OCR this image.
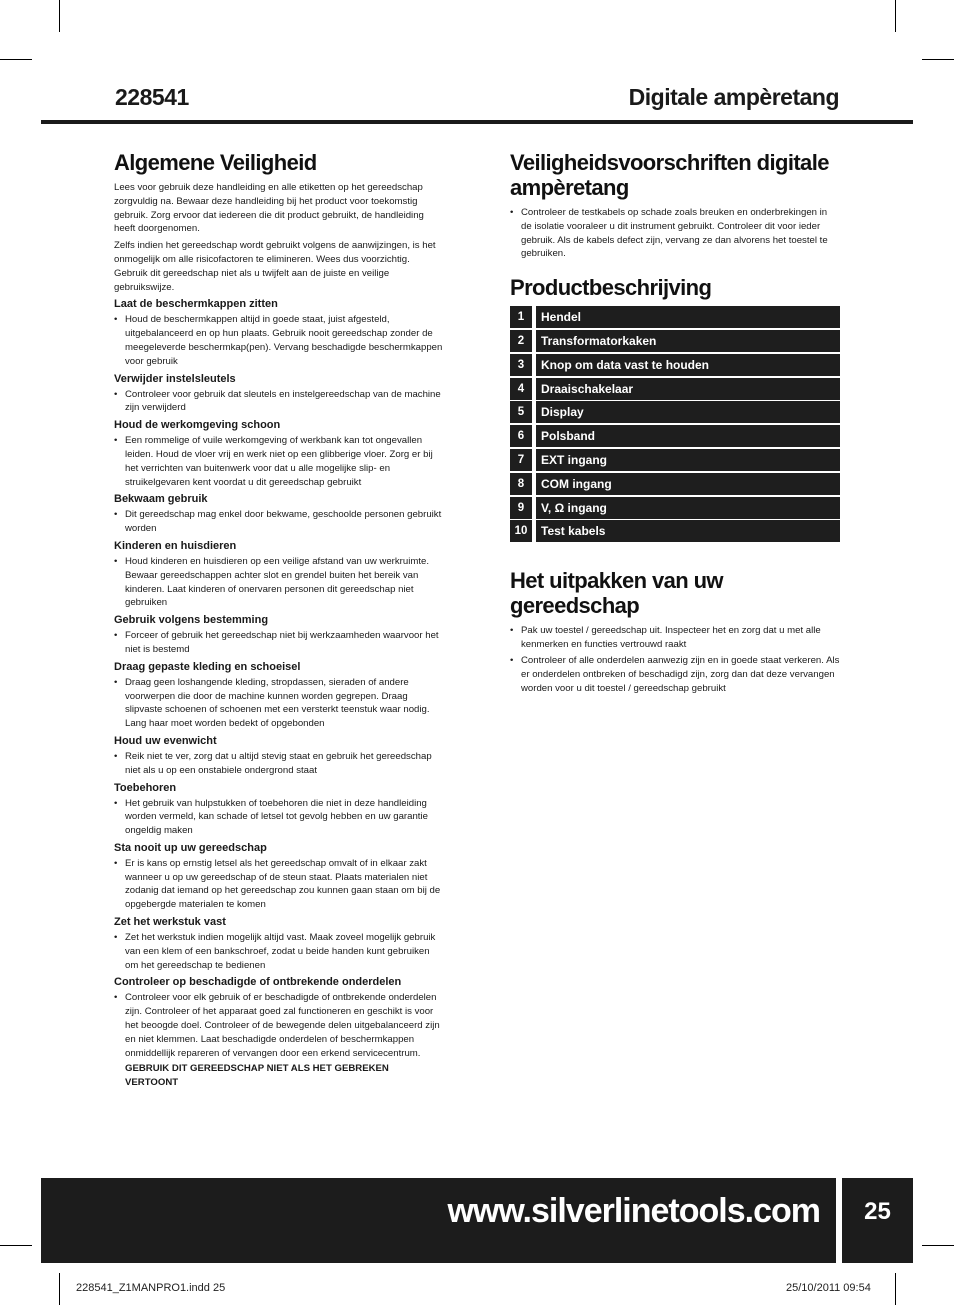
228541	Digitale ampèretang
Algemene Veiligheid

Lees voor gebruik deze handleiding en alle etiketten op het gereedschap zorgvuldig na. Bewaar deze handleiding bij het product voor toekomstig gebruik. Zorg ervoor dat iedereen die dit product gebruikt, de handleiding heeft doorgenomen.

Zelfs indien het gereedschap wordt gebruikt volgens de aanwijzingen, is het onmogelijk om alle risicofactoren te elimineren. Wees dus voorzichtig. Gebruik dit gereedschap niet als u twijfelt aan de juiste en veilige gebruikswijze.

Laat de beschermkappen zitten
• Houd de beschermkappen altijd in goede staat, juist afgesteld, uitgebalanceerd en op hun plaats. Gebruik nooit gereedschap zonder de meegeleverde beschermkap(pen). Vervang beschadigde beschermkappen voor gebruik
Verwijder instelsleutels
• Controleer voor gebruik dat sleutels en instelgereedschap van de machine zijn verwijderd
Houd de werkomgeving schoon
• Een rommelige of vuile werkomgeving of werkbank kan tot ongevallen leiden. Houd de vloer vrij en werk niet op een glibberige vloer. Zorg er bij het verrichten van buitenwerk voor dat u alle mogelijke slip- en struikelgevaren kent voordat u dit gereedschap gebruikt
Bekwaam gebruik
• Dit gereedschap mag enkel door bekwame, geschoolde personen gebruikt worden
Kinderen en huisdieren
• Houd kinderen en huisdieren op een veilige afstand van uw werkruimte. Bewaar gereedschappen achter slot en grendel buiten het bereik van kinderen. Laat kinderen of onervaren personen dit gereedschap niet gebruiken
Gebruik volgens bestemming
• Forceer of gebruik het gereedschap niet bij werkzaamheden waarvoor het niet is bestemd
Draag gepaste kleding en schoeisel
• Draag geen loshangende kleding, stropdassen, sieraden of andere voorwerpen die door de machine kunnen worden gegrepen. Draag slipvaste schoenen of schoenen met een versterkt teenstuk waar nodig. Lang haar moet worden bedekt of opgebonden
Houd uw evenwicht
• Reik niet te ver, zorg dat u altijd stevig staat en gebruik het gereedschap niet als u op een onstabiele ondergrond staat
Toebehoren
• Het gebruik van hulpstukken of toebehoren die niet in deze handleiding worden vermeld, kan schade of letsel tot gevolg hebben en uw garantie ongeldig maken
Sta nooit up uw gereedschap
• Er is kans op ernstig letsel als het gereedschap omvalt of in elkaar zakt wanneer u op uw gereedschap of de steun staat. Plaats materialen niet zodanig dat iemand op het gereedschap zou kunnen gaan staan om bij de opgebergde materialen te komen
Zet het werkstuk vast
• Zet het werkstuk indien mogelijk altijd vast. Maak zoveel mogelijk gebruik van een klem of een bankschroef, zodat u beide handen kunt gebruiken om het gereedschap te bedienen
Controleer op beschadigde of ontbrekende onderdelen
• Controleer voor elk gebruik of er beschadigde of ontbrekende onderdelen zijn. Controleer of het apparaat goed zal functioneren en geschikt is voor het beoogde doel. Controleer of de bewegende delen uitgebalanceerd zijn en niet klemmen. Laat beschadigde onderdelen of beschermkappen onmiddellijk repareren of vervangen door een erkend servicecentrum.
GEBRUIK DIT GEREEDSCHAP NIET ALS HET GEBREKEN VERTOONT
Veiligheidsvoorschriften digitale ampèretang
• Controleer de testkabels op schade zoals breuken en onderbrekingen in de isolatie vooraleer u dit instrument gebruikt. Controleer dit voor ieder gebruik. Als de kabels defect zijn, vervang ze dan alvorens het toestel te gebruiken.
Productbeschrijving
1	Hendel
2	Transformatorkaken
3	Knop om data vast te houden
4	Draaischakelaar
5	Display
6	Polsband
7	EXT ingang
8	COM ingang
9	V, Ω ingang
10	Test kabels
Het uitpakken van uw gereedschap
• Pak uw toestel / gereedschap uit. Inspecteer het en zorg dat u met alle kenmerken en functies vertrouwd raakt
• Controleer of alle onderdelen aanwezig zijn en in goede staat verkeren. Als er onderdelen ontbreken of beschadigd zijn, zorg dan dat deze vervangen worden voor u dit toestel / gereedschap gebruikt
www.silverlinetools.com	25
228541_Z1MANPRO1.indd 25	25/10/2011 09:54
